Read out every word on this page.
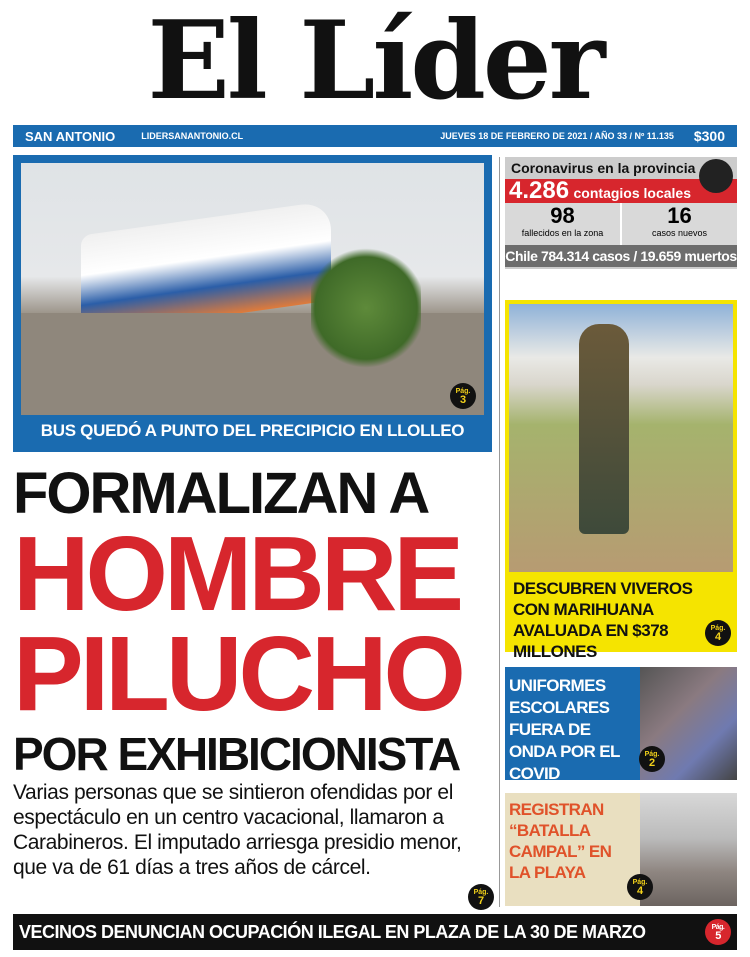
El Líder
SAN ANTONIO	LIDERSANANTONIO.CL	JUEVES 18 DE FEBRERO DE 2021 / AÑO 33 / Nº 11.135 $300
Pág.
3
BUS QUEDÓ A PUNTO DEL PRECIPICIO EN LLOLLEO
Coronavirus en la provincia
4.286 contagios locales
98
fallecidos en la zona
16
casos nuevos
Chile 784.314 casos / 19.659 muertos
DESCUBREN VIVEROS CON MARIHUANA AVALUADA EN $378 MILLONES
Pág.
4
UNIFORMES ESCOLARES FUERA DE ONDA POR EL COVID
Pág.
2
REGISTRAN “BATALLA CAMPAL” EN LA PLAYA
Pág.
4
FORMALIZAN A
HOMBRE
PILUCHO
POR EXHIBICIONISTA
Varias personas que se sintieron ofendidas por el espectáculo en un centro vacacional, llamaron a Carabineros. El imputado arriesga presidio menor, que va de 61 días a tres años de cárcel.
Pág.
7
VECINOS DENUNCIAN OCUPACIÓN ILEGAL EN PLAZA DE LA 30 DE MARZO	Pág.
5
